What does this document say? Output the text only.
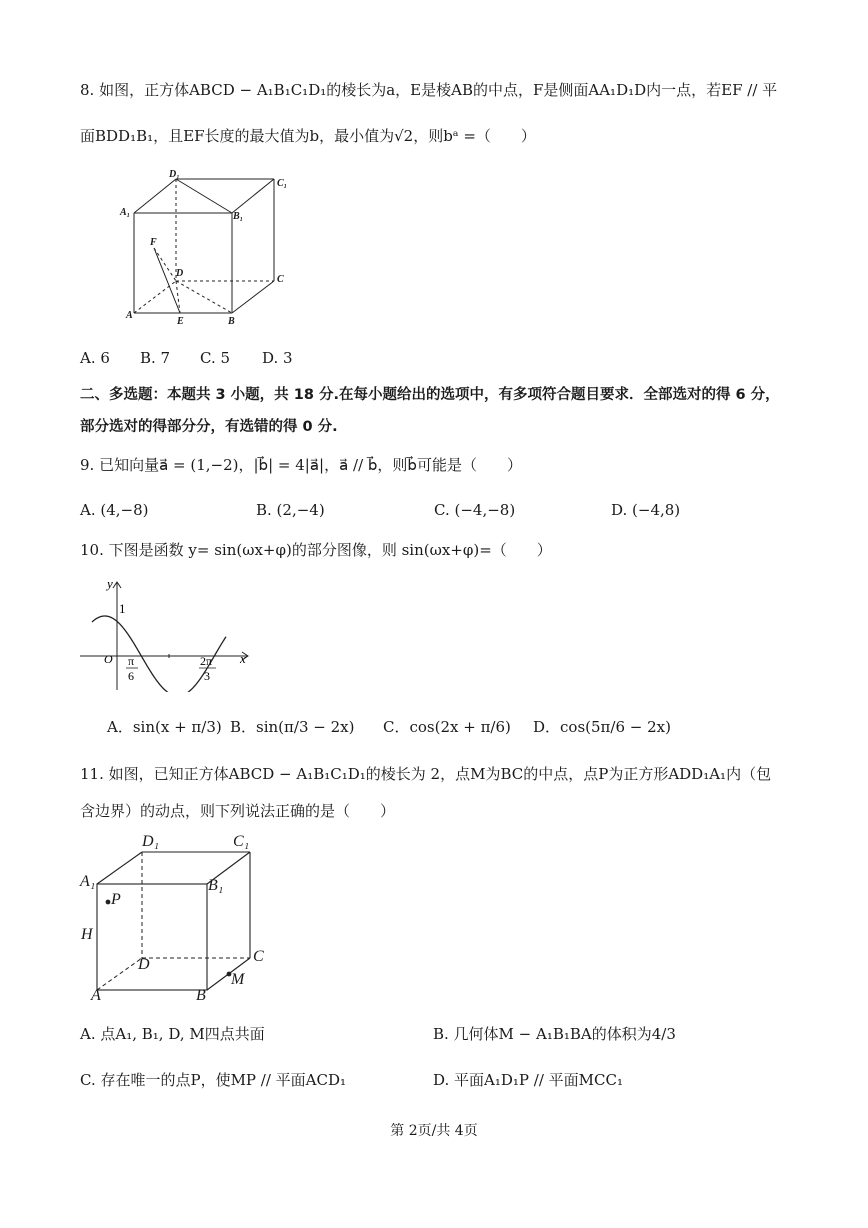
8. 如图，正方体ABCD − A₁B₁C₁D₁的棱长为a，E是棱AB的中点，F是侧面AA₁D₁D内一点，若EF // 平
面BDD₁B₁，且EF长度的最大值为b，最小值为√2，则bᵃ =（　　）
D₁
C₁
A₁	B₁
F
D
C
A
E	B
A. 6 B. 7 C. 5 D. 3
二、多选题：本题共 3 小题，共 18 分.在每小题给出的选项中，有多项符合题目要求．全部选对的得 6 分，
部分选对的得部分分，有选错的得 0 分.
9. 已知向量a⃗ = (1,−2)，|b⃗| = 4|a⃗|，a⃗ // b⃗，则b⃗可能是（　　）
A. (4,−8)	B. (2,−4)	C. (−4,−8)	D. (−4,8)
10. 下图是函数 y= sin(ωx+φ)的部分图像，则 sin(ωx+φ)=（　　）
y
1
O	x
π
6
2π
3
A．sin(x + π/3) B．sin(π/3 − 2x) C．cos(2x + π/6) D．cos(5π/6 − 2x)
11. 如图，已知正方体ABCD − A₁B₁C₁D₁的棱长为 2，点M为BC的中点，点P为正方形ADD₁A₁内（包
含边界）的动点，则下列说法正确的是（　　）
D₁	C₁
A₁	B₁
P
H
D	C
M
A	B
A. 点A₁, B₁, D, M四点共面	B. 几何体M − A₁B₁BA的体积为4/3
C. 存在唯一的点P，使MP // 平面ACD₁	D. 平面A₁D₁P // 平面MCC₁
第 2页/共 4页
